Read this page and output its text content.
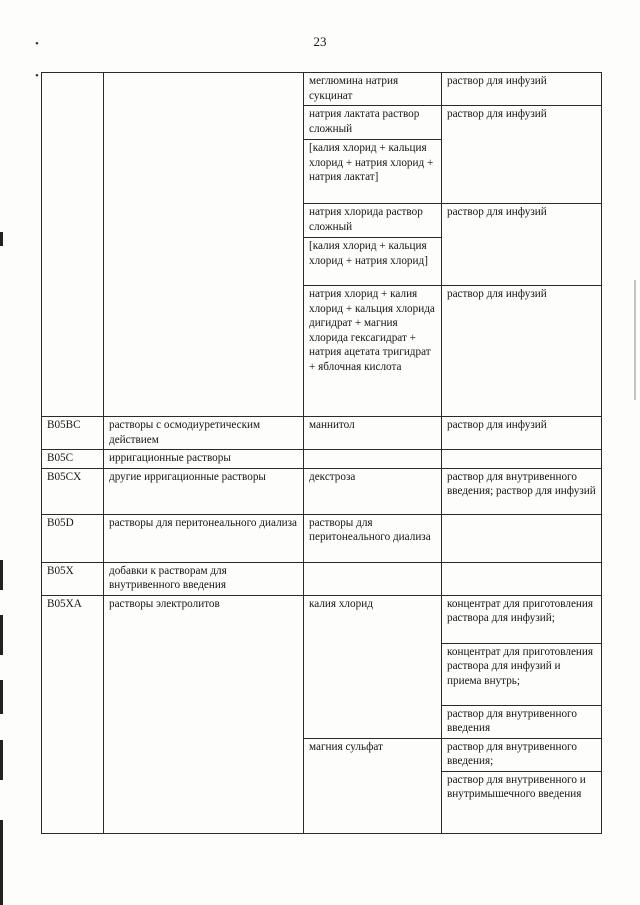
23
•
•
			меглюмина натрия сукцинат	раствор для инфузий
		натрия лактата раствор сложный	раствор для инфузий
		[калия хлорид + кальция хлорид + натрия хлорид + натрия лактат]	
		натрия хлорида раствор сложный	раствор для инфузий
		[калия хлорид + кальция хлорид + натрия хлорид]	
		натрия хлорид + калия хлорид + кальция хлорида дигидрат + магния хлорида гексагидрат + натрия ацетата тригидрат + яблочная кислота	раствор для инфузий
B05BC	растворы с осмодиуретическим действием	маннитол	раствор для инфузий
B05C	ирригационные растворы		
B05CX	другие ирригационные растворы	декстроза	раствор для внутривенного введения; раствор для инфузий
B05D	растворы для перитонеального диализа	растворы для перитонеального диализа	
B05X	добавки к растворам для внутривенного введения		
B05XA	растворы электролитов	калия хлорид	концентрат для приготовления раствора для инфузий;
			концентрат для приготовления раствора для инфузий и приема внутрь;
			раствор для внутривенного введения
		магния сульфат	раствор для внутривенного введения;
			раствор для внутривенного и внутримышечного введения
